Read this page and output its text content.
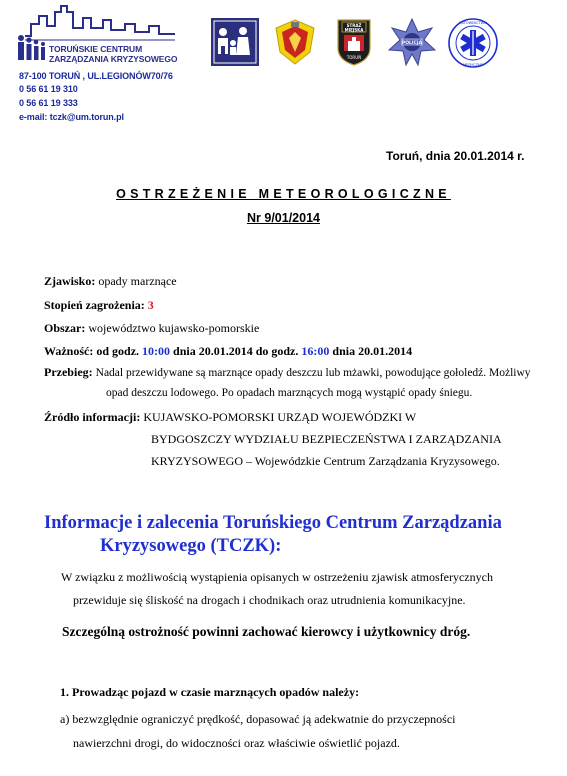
TORUŃSKIE CENTRUM
ZARZĄDZANIA KRYZYSOWEGO
87-100 TORUŃ , UL.LEGIONÓW70/76
0 56 61 19 310
0 56 61 19 333
e-mail: tczk@um.torun.pl
STRAŻ
MIEJSKA
TORUŃ
POLICJA
RATOWNICTWO
MEDYCZNE
Toruń, dnia 20.01.2014 r.
OSTRZEŻENIE METEOROLOGICZNE
Nr 9/01/2014
Zjawisko: opady marznące
Stopień zagrożenia: 3
Obszar: województwo kujawsko-pomorskie
Ważność: od godz. 10:00 dnia 20.01.2014 do godz. 16:00 dnia 20.01.2014
Przebieg: Nadal przewidywane są marznące opady deszczu lub mżawki, powodujące gołoledź. Możliwy
opad deszczu lodowego. Po opadach marznących mogą wystąpić opady śniegu.
Źródło informacji: KUJAWSKO-POMORSKI URZĄD WOJEWÓDZKI W
BYDGOSZCZY WYDZIAŁU BEZPIECZEŃSTWA I ZARZĄDZANIA
KRYZYSOWEGO – Wojewódzkie Centrum Zarządzania Kryzysowego.
Informacje i zalecenia Toruńskiego Centrum Zarządzania
Kryzysowego (TCZK):
W związku z możliwością wystąpienia opisanych w ostrzeżeniu zjawisk atmosferycznych
przewiduje się śliskość na drogach i chodnikach oraz utrudnienia komunikacyjne.
Szczególną ostrożność powinni zachować kierowcy i użytkownicy dróg.
1. Prowadząc pojazd w czasie marznących opadów należy:
a) bezwzględnie ograniczyć prędkość, dopasować ją adekwatnie do przyczepności
nawierzchni drogi, do widoczności oraz właściwie oświetlić pojazd.
